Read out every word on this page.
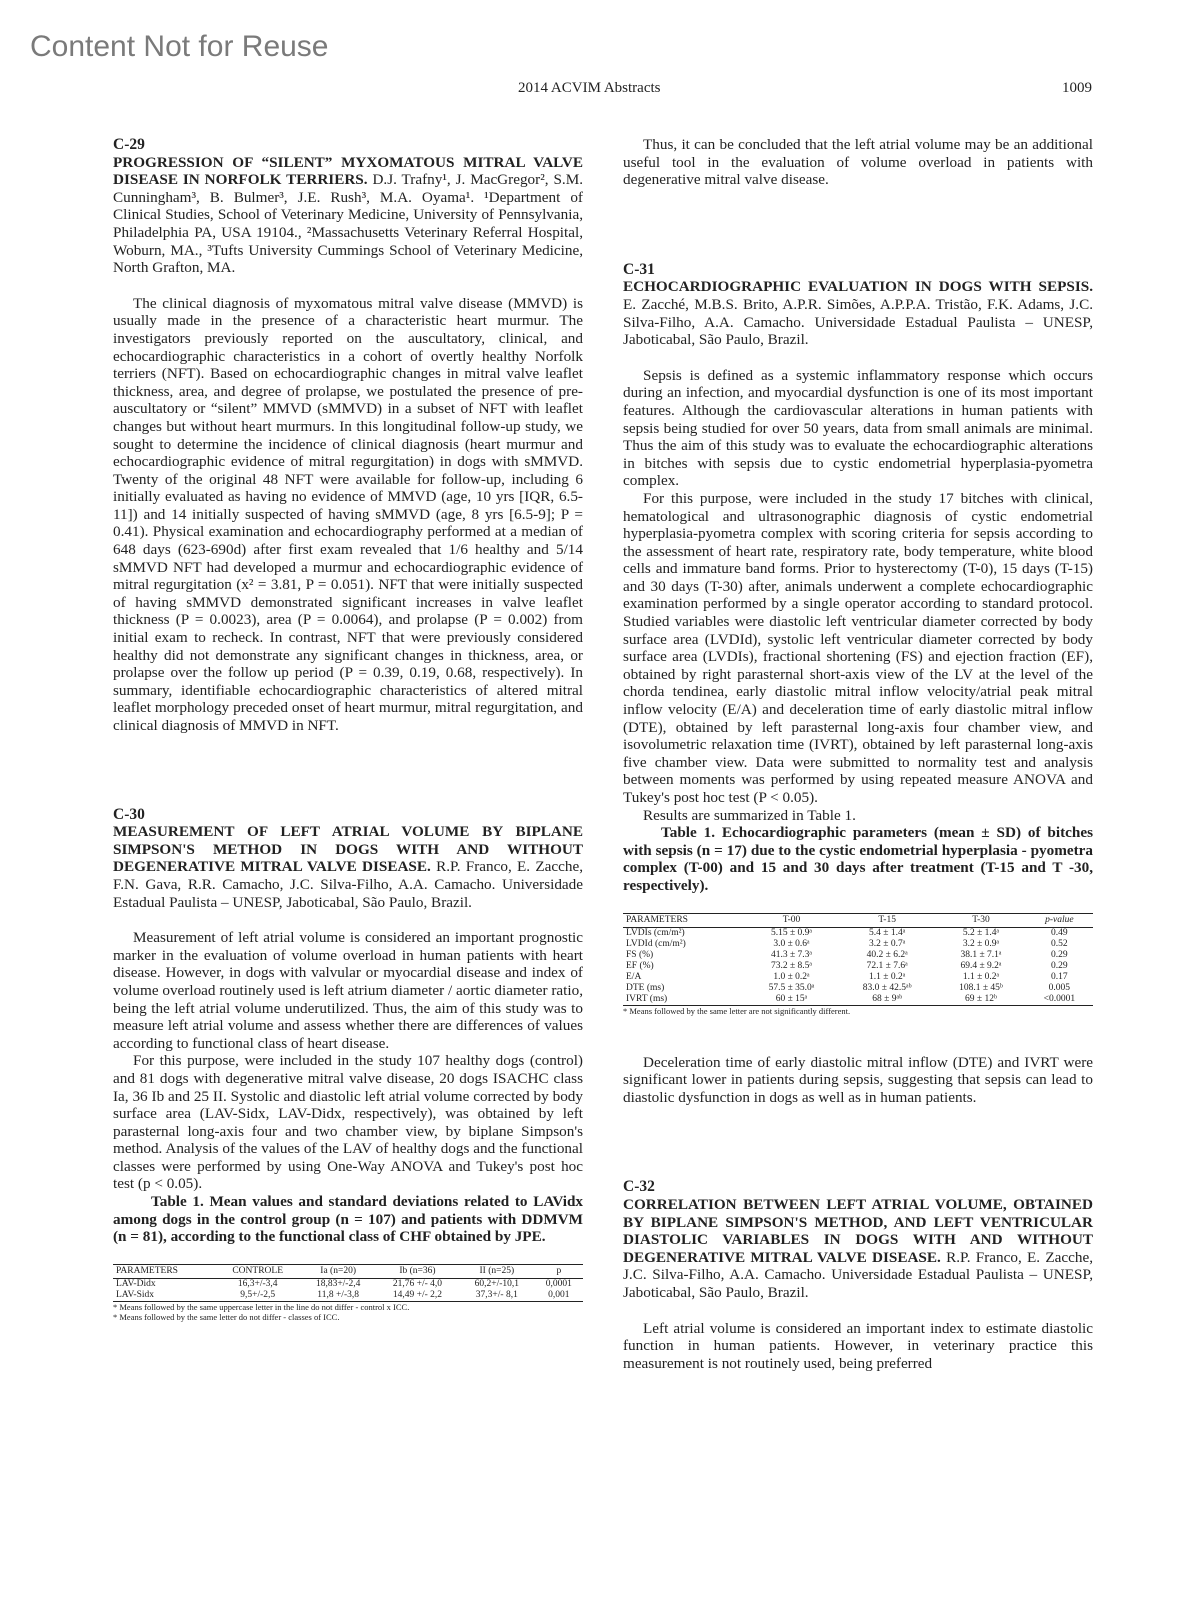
Content Not for Reuse
2014 ACVIM Abstracts	1009

C-29

PROGRESSION OF “SILENT” MYXOMATOUS MITRAL VALVE DISEASE IN NORFOLK TERRIERS. D.J. Trafny¹, J. MacGregor², S.M. Cunningham³, B. Bulmer³, J.E. Rush³, M.A. Oyama¹. ¹Department of Clinical Studies, School of Veterinary Medicine, University of Pennsylvania, Philadelphia PA, USA 19104., ²Massachusetts Veterinary Referral Hospital, Woburn, MA., ³Tufts University Cummings School of Veterinary Medicine, North Grafton, MA.

The clinical diagnosis of myxomatous mitral valve disease (MMVD) is usually made in the presence of a characteristic heart murmur. The investigators previously reported on the auscultatory, clinical, and echocardiographic characteristics in a cohort of overtly healthy Norfolk terriers (NFT). Based on echocardiographic changes in mitral valve leaflet thickness, area, and degree of prolapse, we postulated the presence of pre-auscultatory or “silent” MMVD (sMMVD) in a subset of NFT with leaflet changes but without heart murmurs. In this longitudinal follow-up study, we sought to determine the incidence of clinical diagnosis (heart murmur and echocardiographic evidence of mitral regurgitation) in dogs with sMMVD. Twenty of the original 48 NFT were available for follow-up, including 6 initially evaluated as having no evidence of MMVD (age, 10 yrs [IQR, 6.5-11]) and 14 initially suspected of having sMMVD (age, 8 yrs [6.5-9]; P = 0.41). Physical examination and echocardiography performed at a median of 648 days (623-690d) after first exam revealed that 1/6 healthy and 5/14 sMMVD NFT had developed a murmur and echocardiographic evidence of mitral regurgitation (x² = 3.81, P = 0.051). NFT that were initially suspected of having sMMVD demonstrated significant increases in valve leaflet thickness (P = 0.0023), area (P = 0.0064), and prolapse (P = 0.002) from initial exam to recheck. In contrast, NFT that were previously considered healthy did not demonstrate any significant changes in thickness, area, or prolapse over the follow up period (P = 0.39, 0.19, 0.68, respectively). In summary, identifiable echocardiographic characteristics of altered mitral leaflet morphology preceded onset of heart murmur, mitral regurgitation, and clinical diagnosis of MMVD in NFT.

C-30

MEASUREMENT OF LEFT ATRIAL VOLUME BY BIPLANE SIMPSON'S METHOD IN DOGS WITH AND WITHOUT DEGENERATIVE MITRAL VALVE DISEASE. R.P. Franco, E. Zacche, F.N. Gava, R.R. Camacho, J.C. Silva-Filho, A.A. Camacho. Universidade Estadual Paulista – UNESP, Jaboticabal, São Paulo, Brazil.

Measurement of left atrial volume is considered an important prognostic marker in the evaluation of volume overload in human patients with heart disease. However, in dogs with valvular or myocardial disease and index of volume overload routinely used is left atrium diameter / aortic diameter ratio, being the left atrial volume underutilized. Thus, the aim of this study was to measure left atrial volume and assess whether there are differences of values according to functional class of heart disease.

For this purpose, were included in the study 107 healthy dogs (control) and 81 dogs with degenerative mitral valve disease, 20 dogs ISACHC class Ia, 36 Ib and 25 II. Systolic and diastolic left atrial volume corrected by body surface area (LAV-Sidx, LAV-Didx, respectively), was obtained by left parasternal long-axis four and two chamber view, by biplane Simpson's method. Analysis of the values of the LAV of healthy dogs and the functional classes were performed by using One-Way ANOVA and Tukey's post hoc test (p < 0.05).

Table 1. Mean values and standard deviations related to LAVidx among dogs in the control group (n = 107) and patients with DDMVM (n = 81), according to the functional class of CHF obtained by JPE.

PARAMETERS	CONTROLE	Ia (n=20)	Ib (n=36)	II (n=25)	p
LAV-Didx	16,3+/-3,4	18,83+/-2,4	21,76 +/- 4,0	60,2+/-10,1	0,0001
LAV-Sidx	9,5+/-2,5	11,8 +/-3,8	14,49 +/- 2,2	37,3+/- 8,1	0,001

* Means followed by the same uppercase letter in the line do not differ - control x ICC.

* Means followed by the same letter do not differ - classes of ICC.

Thus, it can be concluded that the left atrial volume may be an additional useful tool in the evaluation of volume overload in patients with degenerative mitral valve disease.

C-31

ECHOCARDIOGRAPHIC EVALUATION IN DOGS WITH SEPSIS. E. Zacché, M.B.S. Brito, A.P.R. Simões, A.P.P.A. Tristão, F.K. Adams, J.C. Silva-Filho, A.A. Camacho. Universidade Estadual Paulista – UNESP, Jaboticabal, São Paulo, Brazil.

Sepsis is defined as a systemic inflammatory response which occurs during an infection, and myocardial dysfunction is one of its most important features. Although the cardiovascular alterations in human patients with sepsis being studied for over 50 years, data from small animals are minimal. Thus the aim of this study was to evaluate the echocardiographic alterations in bitches with sepsis due to cystic endometrial hyperplasia-pyometra complex.

For this purpose, were included in the study 17 bitches with clinical, hematological and ultrasonographic diagnosis of cystic endometrial hyperplasia-pyometra complex with scoring criteria for sepsis according to the assessment of heart rate, respiratory rate, body temperature, white blood cells and immature band forms. Prior to hysterectomy (T-0), 15 days (T-15) and 30 days (T-30) after, animals underwent a complete echocardiographic examination performed by a single operator according to standard protocol. Studied variables were diastolic left ventricular diameter corrected by body surface area (LVDId), systolic left ventricular diameter corrected by body surface area (LVDIs), fractional shortening (FS) and ejection fraction (EF), obtained by right parasternal short-axis view of the LV at the level of the chorda tendinea, early diastolic mitral inflow velocity/atrial peak mitral inflow velocity (E/A) and deceleration time of early diastolic mitral inflow (DTE), obtained by left parasternal long-axis four chamber view, and isovolumetric relaxation time (IVRT), obtained by left parasternal long-axis five chamber view. Data were submitted to normality test and analysis between moments was performed by using repeated measure ANOVA and Tukey's post hoc test (P < 0.05).

Results are summarized in Table 1.

Table 1. Echocardiographic parameters (mean ± SD) of bitches with sepsis (n = 17) due to the cystic endometrial hyperplasia - pyometra complex (T-00) and 15 and 30 days after treatment (T-15 and T -30, respectively).

PARAMETERS	T-00	T-15	T-30	p-value
LVDIs (cm/m²)	5.15 ± 0.9ᵃ	5.4 ± 1.4ᵃ	5.2 ± 1.4ᵃ	0.49
LVDId (cm/m²)	3.0 ± 0.6ᵃ	3.2 ± 0.7ᵃ	3.2 ± 0.9ᵃ	0.52
FS (%)	41.3 ± 7.3ᵃ	40.2 ± 6.2ᵃ	38.1 ± 7.1ᵃ	0.29
EF (%)	73.2 ± 8.5ᵃ	72.1 ± 7.6ᵃ	69.4 ± 9.2ᵃ	0.29
E/A	1.0 ± 0.2ᵃ	1.1 ± 0.2ᵃ	1.1 ± 0.2ᵃ	0.17
DTE (ms)	57.5 ± 35.0ᵃ	83.0 ± 42.5ᵃᵇ	108.1 ± 45ᵇ	0.005
IVRT (ms)	60 ± 15ᵃ	68 ± 9ᵃᵇ	69 ± 12ᵇ	<0.0001

* Means followed by the same letter are not significantly different.

Deceleration time of early diastolic mitral inflow (DTE) and IVRT were significant lower in patients during sepsis, suggesting that sepsis can lead to diastolic dysfunction in dogs as well as in human patients.

C-32

CORRELATION BETWEEN LEFT ATRIAL VOLUME, OBTAINED BY BIPLANE SIMPSON'S METHOD, AND LEFT VENTRICULAR DIASTOLIC VARIABLES IN DOGS WITH AND WITHOUT DEGENERATIVE MITRAL VALVE DISEASE. R.P. Franco, E. Zacche, J.C. Silva-Filho, A.A. Camacho. Universidade Estadual Paulista – UNESP, Jaboticabal, São Paulo, Brazil.

Left atrial volume is considered an important index to estimate diastolic function in human patients. However, in veterinary practice this measurement is not routinely used, being preferred
